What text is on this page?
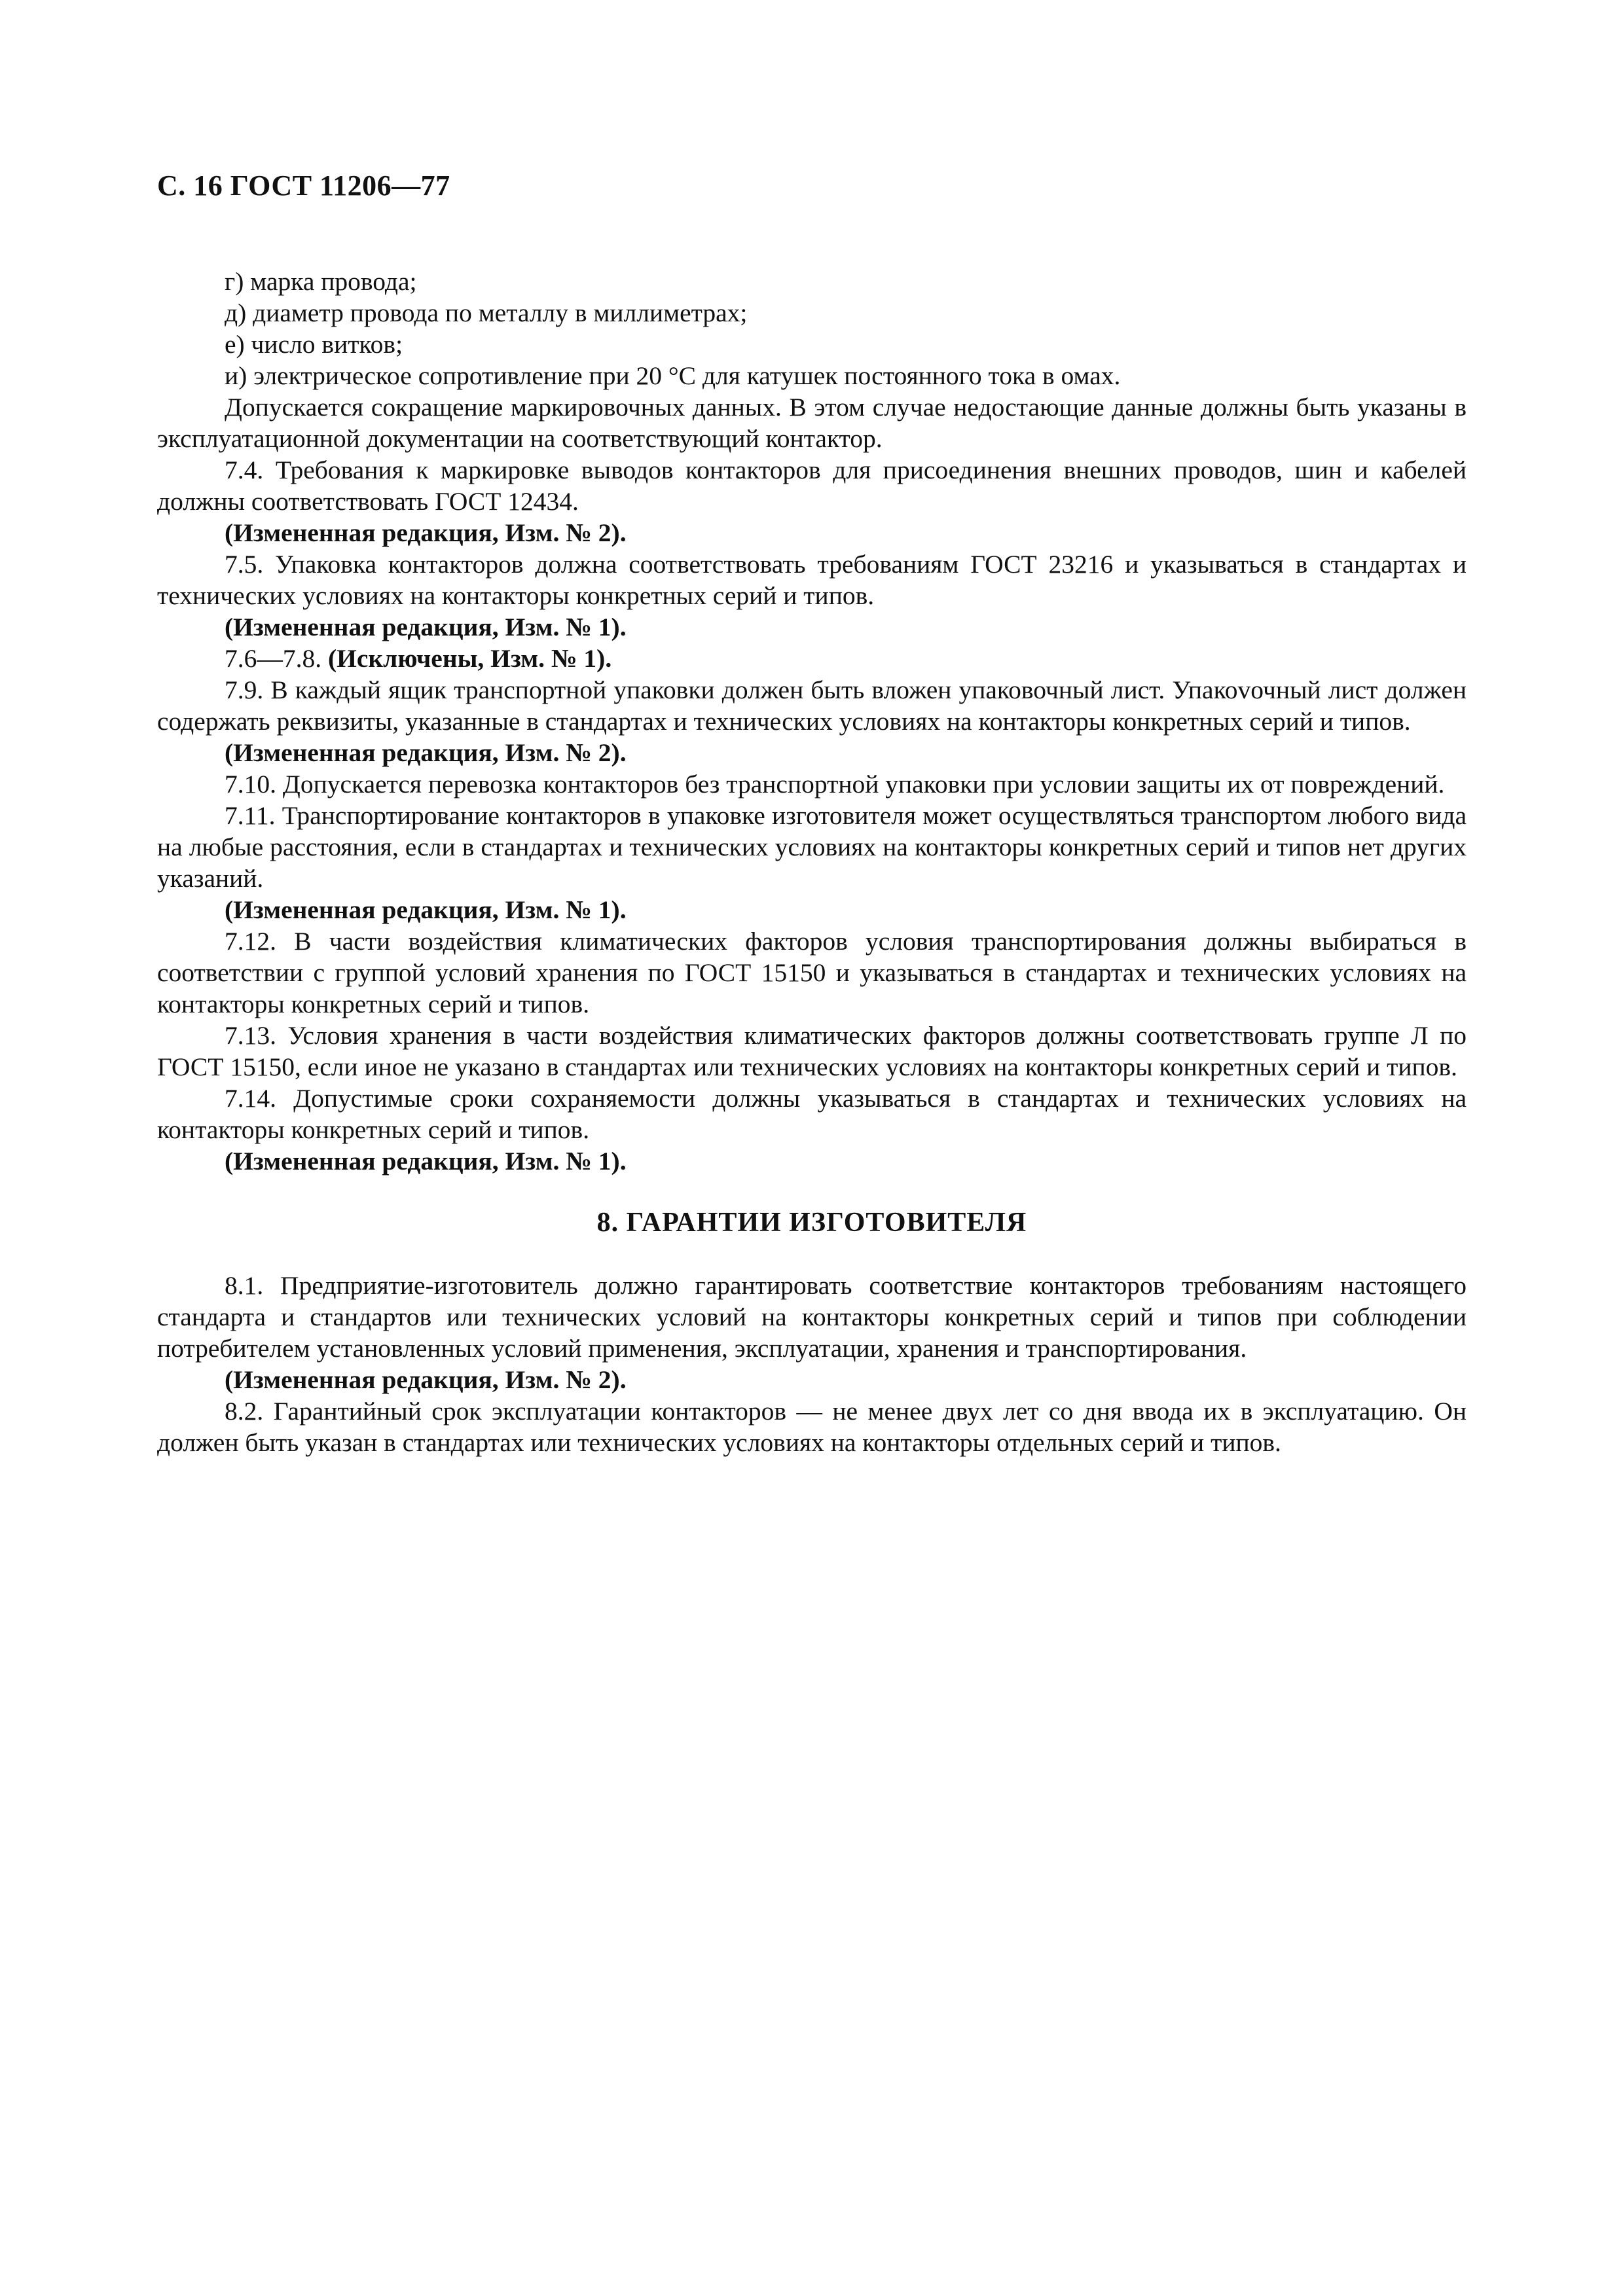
С. 16 ГОСТ 11206—77

г) марка провода;

д) диаметр провода по металлу в миллиметрах;

е) число витков;

и) электрическое сопротивление при 20 °С для катушек постоянного тока в омах.

Допускается сокращение маркировочных данных. В этом случае недостающие данные должны быть указаны в эксплуатационной документации на соответствующий контактор.

7.4. Требования к маркировке выводов контакторов для присоединения внешних проводов, шин и кабелей должны соответствовать ГОСТ 12434.

(Измененная редакция, Изм. № 2).

7.5. Упаковка контакторов должна соответствовать требованиям ГОСТ 23216 и указываться в стандартах и технических условиях на контакторы конкретных серий и типов.

(Измененная редакция, Изм. № 1).

7.6—7.8. (Исключены, Изм. № 1).

7.9. В каждый ящик транспортной упаковки должен быть вложен упаковочный лист. Упакоvочный лист должен содержать реквизиты, указанные в стандартах и технических условиях на контакторы конкретных серий и типов.

(Измененная редакция, Изм. № 2).

7.10. Допускается перевозка контакторов без транспортной упаковки при условии защиты их от повреждений.

7.11. Транспортирование контакторов в упаковке изготовителя может осуществляться транспортом любого вида на любые расстояния, если в стандартах и технических условиях на контакторы конкретных серий и типов нет других указаний.

(Измененная редакция, Изм. № 1).

7.12. В части воздействия климатических факторов условия транспортирования должны выбираться в соответствии с группой условий хранения по ГОСТ 15150 и указываться в стандартах и технических условиях на контакторы конкретных серий и типов.

7.13. Условия хранения в части воздействия климатических факторов должны соответствовать группе Л по ГОСТ 15150, если иное не указано в стандартах или технических условиях на контакторы конкретных серий и типов.

7.14. Допустимые сроки сохраняемости должны указываться в стандартах и технических условиях на контакторы конкретных серий и типов.

(Измененная редакция, Изм. № 1).

8. ГАРАНТИИ ИЗГОТОВИТЕЛЯ

8.1. Предприятие-изготовитель должно гарантировать соответствие контакторов требованиям настоящего стандарта и стандартов или технических условий на контакторы конкретных серий и типов при соблюдении потребителем установленных условий применения, эксплуатации, хранения и транспортирования.

(Измененная редакция, Изм. № 2).

8.2. Гарантийный срок эксплуатации контакторов — не менее двух лет со дня ввода их в эксплуатацию. Он должен быть указан в стандартах или технических условиях на контакторы отдельных серий и типов.
